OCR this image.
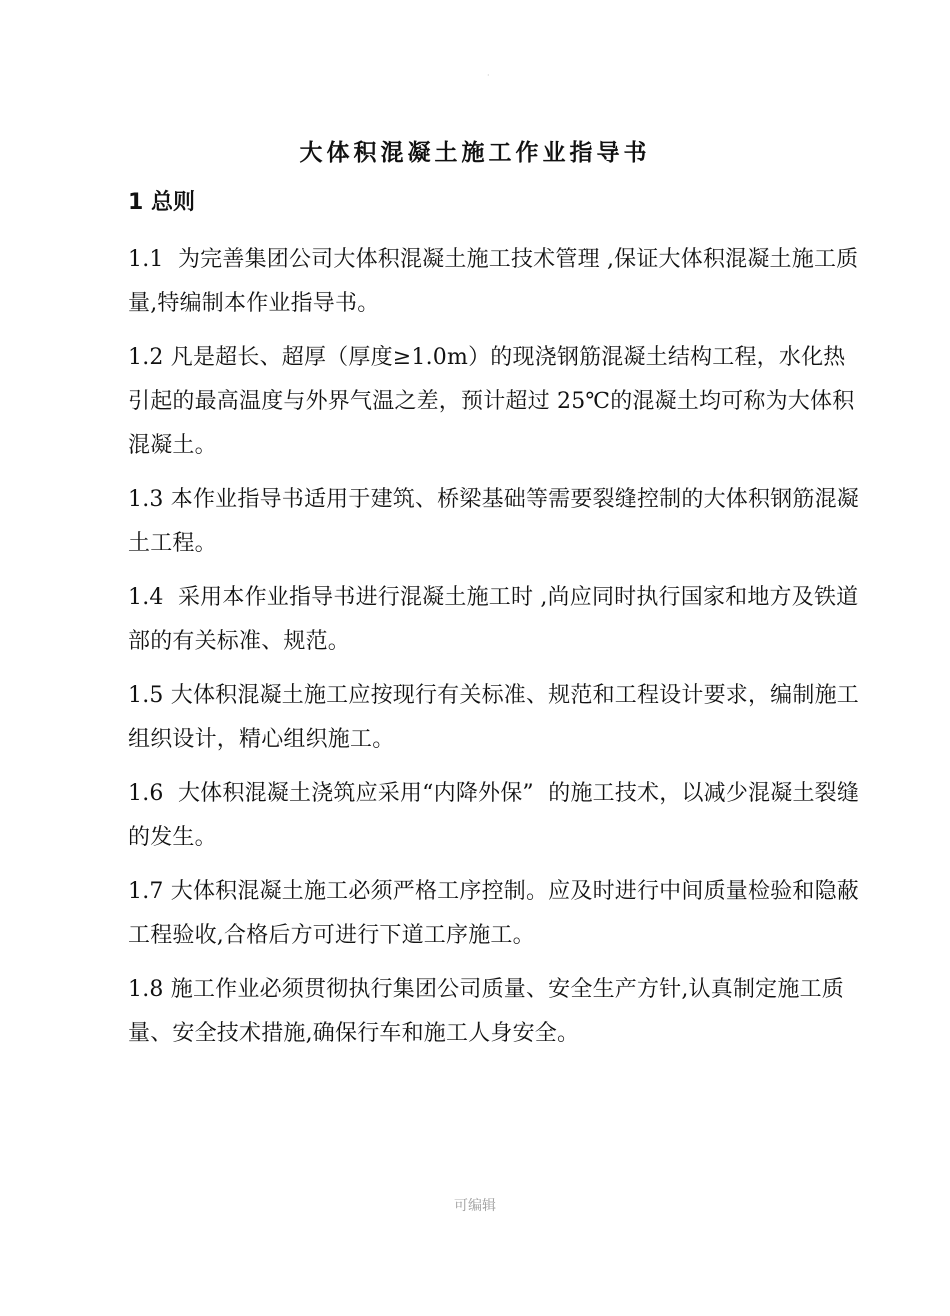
·
大体积混凝土施工作业指导书
1 总则

1.1  为完善集团公司大体积混凝土施工技术管理 ,保证大体积混凝土施工质量,特编制本作业指导书。

1.2 凡是超长、超厚（厚度≥1.0m）的现浇钢筋混凝土结构工程，水化热引起的最高温度与外界气温之差，预计超过 25℃的混凝土均可称为大体积混凝土。

1.3 本作业指导书适用于建筑、桥梁基础等需要裂缝控制的大体积钢筋混凝土工程。

1.4  采用本作业指导书进行混凝土施工时 ,尚应同时执行国家和地方及铁道部的有关标准、规范。

1.5 大体积混凝土施工应按现行有关标准、规范和工程设计要求，编制施工组织设计，精心组织施工。

1.6  大体积混凝土浇筑应采用“内降外保”  的施工技术，以减少混凝土裂缝的发生。

1.7 大体积混凝土施工必须严格工序控制。应及时进行中间质量检验和隐蔽工程验收,合格后方可进行下道工序施工。

1.8 施工作业必须贯彻执行集团公司质量、安全生产方针,认真制定施工质量、安全技术措施,确保行车和施工人身安全。

可编辑
